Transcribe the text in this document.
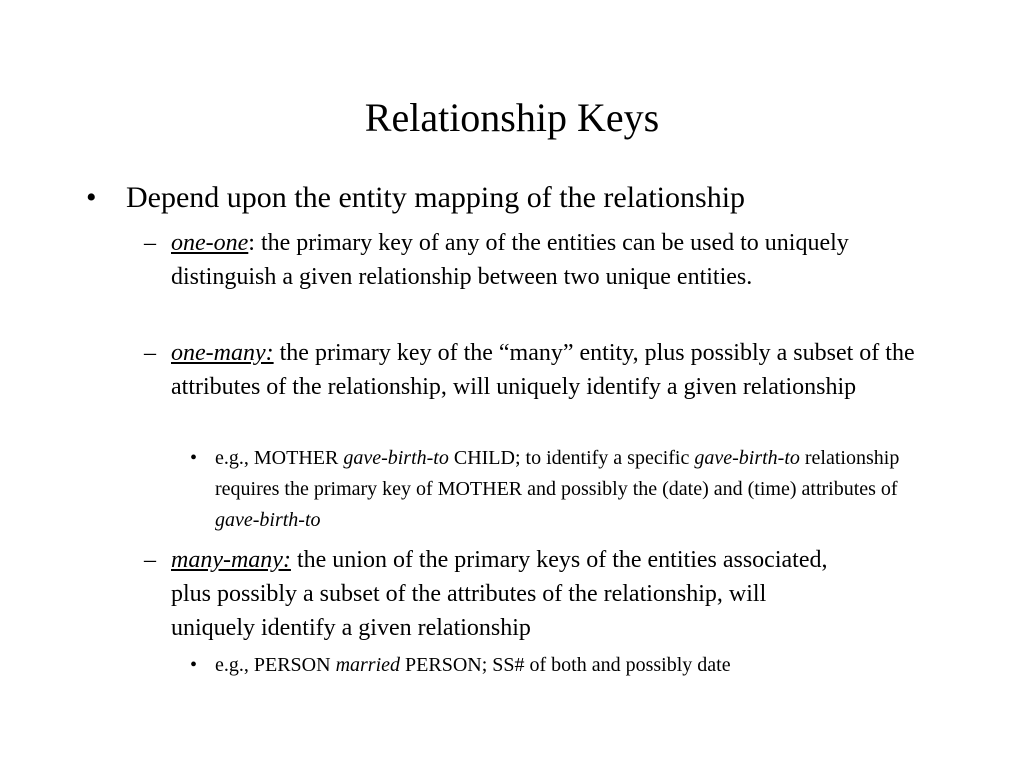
Relationship Keys
• Depend upon the entity mapping of the relationship
– one-one: the primary key of any of the entities can be used to uniquely distinguish a given relationship between two unique entities.
– one-many: the primary key of the “many” entity, plus possibly a subset of the attributes of the relationship, will uniquely identify a given relationship
• e.g., MOTHER gave-birth-to CHILD; to identify a specific gave-birth-to relationship requires the primary key of MOTHER and possibly the (date) and (time) attributes of gave-birth-to
– many-many: the union of the primary keys of the entities associated, plus possibly a subset of the attributes of the relationship, will uniquely identify a given relationship
• e.g., PERSON married PERSON; SS# of both and possibly date
